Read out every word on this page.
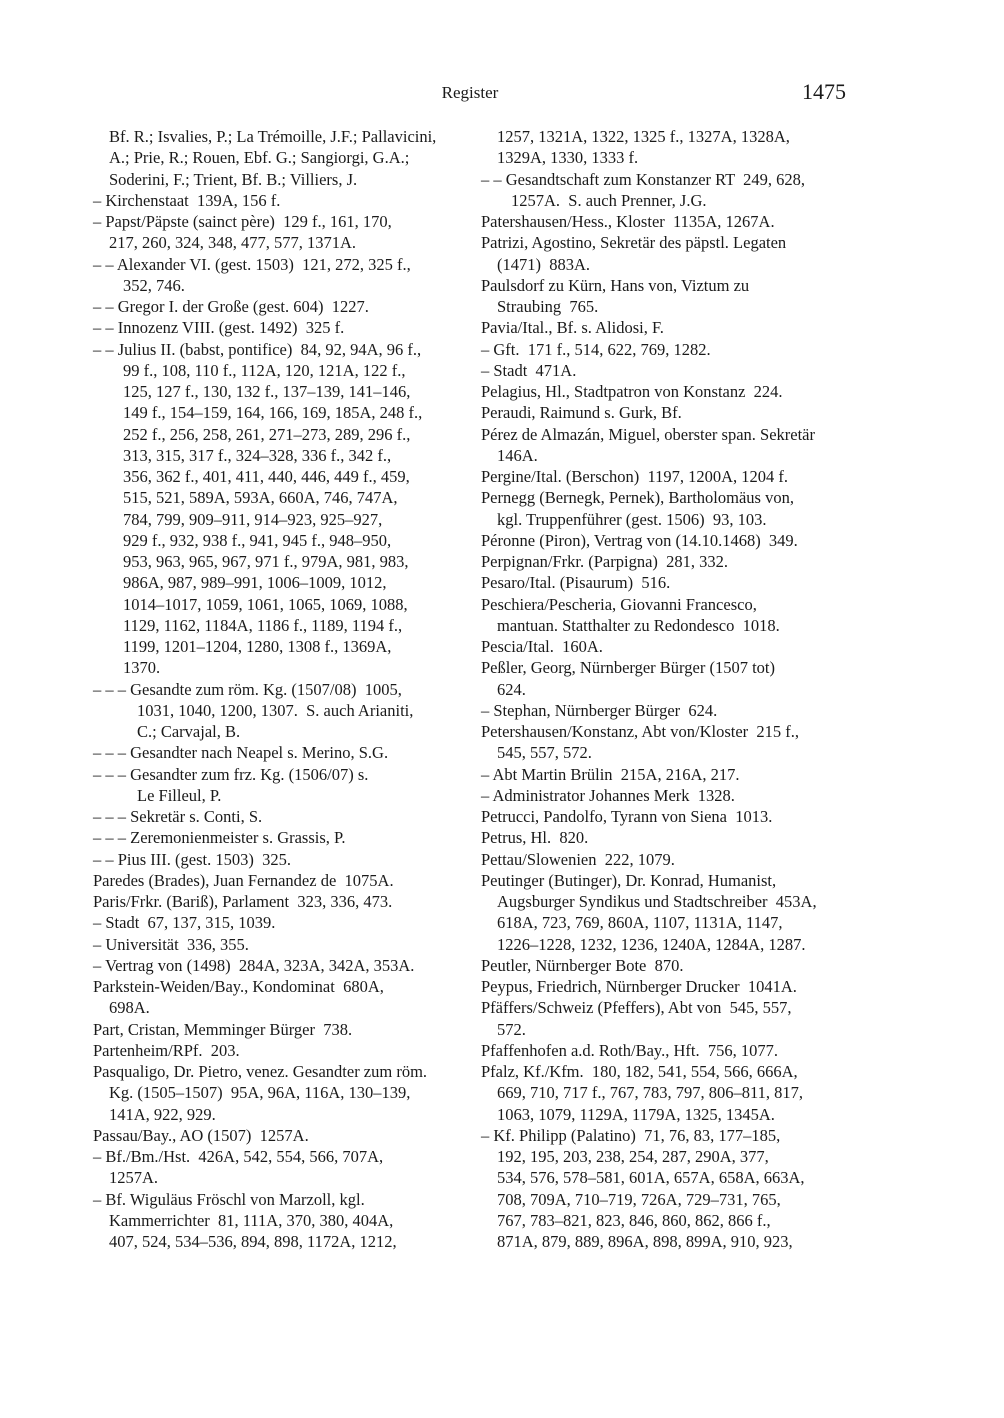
Register	1475
Bf. R.; Isvalies, P.; La Trémoille, J.F.; Pallavicini,
A.; Prie, R.; Rouen, Ebf. G.; Sangiorgi, G.A.;
Soderini, F.; Trient, Bf. B.; Villiers, J.
– Kirchenstaat  139A, 156 f.
– Papst/Päpste (sainct père)  129 f., 161, 170,
217, 260, 324, 348, 477, 577, 1371A.
– – Alexander VI. (gest. 1503)  121, 272, 325 f.,
352, 746.
– – Gregor I. der Große (gest. 604)  1227.
– – Innozenz VIII. (gest. 1492)  325 f.
– – Julius II. (babst, pontifice)  84, 92, 94A, 96 f.,
99 f., 108, 110 f., 112A, 120, 121A, 122 f.,
125, 127 f., 130, 132 f., 137–139, 141–146,
149 f., 154–159, 164, 166, 169, 185A, 248 f.,
252 f., 256, 258, 261, 271–273, 289, 296 f.,
313, 315, 317 f., 324–328, 336 f., 342 f.,
356, 362 f., 401, 411, 440, 446, 449 f., 459,
515, 521, 589A, 593A, 660A, 746, 747A,
784, 799, 909–911, 914–923, 925–927,
929 f., 932, 938 f., 941, 945 f., 948–950,
953, 963, 965, 967, 971 f., 979A, 981, 983,
986A, 987, 989–991, 1006–1009, 1012,
1014–1017, 1059, 1061, 1065, 1069, 1088,
1129, 1162, 1184A, 1186 f., 1189, 1194 f.,
1199, 1201–1204, 1280, 1308 f., 1369A,
1370.
– – – Gesandte zum röm. Kg. (1507/08)  1005,
1031, 1040, 1200, 1307.  S. auch Arianiti,
C.; Carvajal, B.
– – – Gesandter nach Neapel s. Merino, S.G.
– – – Gesandter zum frz. Kg. (1506/07) s.
Le Filleul, P.
– – – Sekretär s. Conti, S.
– – – Zeremonienmeister s. Grassis, P.
– – Pius III. (gest. 1503)  325.
Paredes (Brades), Juan Fernandez de  1075A.
Paris/Frkr. (Bariß), Parlament  323, 336, 473.
– Stadt  67, 137, 315, 1039.
– Universität  336, 355.
– Vertrag von (1498)  284A, 323A, 342A, 353A.
Parkstein-Weiden/Bay., Kondominat  680A,
698A.
Part, Cristan, Memminger Bürger  738.
Partenheim/RPf.  203.
Pasqualigo, Dr. Pietro, venez. Gesandter zum röm.
Kg. (1505–1507)  95A, 96A, 116A, 130–139,
141A, 922, 929.
Passau/Bay., AO (1507)  1257A.
– Bf./Bm./Hst.  426A, 542, 554, 566, 707A,
1257A.
– Bf. Wiguläus Fröschl von Marzoll, kgl.
Kammerrichter  81, 111A, 370, 380, 404A,
407, 524, 534–536, 894, 898, 1172A, 1212,
1257, 1321A, 1322, 1325 f., 1327A, 1328A,
1329A, 1330, 1333 f.
– – Gesandtschaft zum Konstanzer RT  249, 628,
1257A.  S. auch Prenner, J.G.
Patershausen/Hess., Kloster  1135A, 1267A.
Patrizi, Agostino, Sekretär des päpstl. Legaten
(1471)  883A.
Paulsdorf zu Kürn, Hans von, Viztum zu
Straubing  765.
Pavia/Ital., Bf. s. Alidosi, F.
– Gft.  171 f., 514, 622, 769, 1282.
– Stadt  471A.
Pelagius, Hl., Stadtpatron von Konstanz  224.
Peraudi, Raimund s. Gurk, Bf.
Pérez de Almazán, Miguel, oberster span. Sekretär
146A.
Pergine/Ital. (Berschon)  1197, 1200A, 1204 f.
Pernegg (Bernegk, Pernek), Bartholomäus von,
kgl. Truppenführer (gest. 1506)  93, 103.
Péronne (Piron), Vertrag von (14.10.1468)  349.
Perpignan/Frkr. (Parpigna)  281, 332.
Pesaro/Ital. (Pisaurum)  516.
Peschiera/Pescheria, Giovanni Francesco,
mantuan. Statthalter zu Redondesco  1018.
Pescia/Ital.  160A.
Peßler, Georg, Nürnberger Bürger (1507 tot)
624.
– Stephan, Nürnberger Bürger  624.
Petershausen/Konstanz, Abt von/Kloster  215 f.,
545, 557, 572.
– Abt Martin Brülin  215A, 216A, 217.
– Administrator Johannes Merk  1328.
Petrucci, Pandolfo, Tyrann von Siena  1013.
Petrus, Hl.  820.
Pettau/Slowenien  222, 1079.
Peutinger (Butinger), Dr. Konrad, Humanist,
Augsburger Syndikus und Stadtschreiber  453A,
618A, 723, 769, 860A, 1107, 1131A, 1147,
1226–1228, 1232, 1236, 1240A, 1284A, 1287.
Peutler, Nürnberger Bote  870.
Peypus, Friedrich, Nürnberger Drucker  1041A.
Pfäffers/Schweiz (Pfeffers), Abt von  545, 557,
572.
Pfaffenhofen a.d. Roth/Bay., Hft.  756, 1077.
Pfalz, Kf./Kfm.  180, 182, 541, 554, 566, 666A,
669, 710, 717 f., 767, 783, 797, 806–811, 817,
1063, 1079, 1129A, 1179A, 1325, 1345A.
– Kf. Philipp (Palatino)  71, 76, 83, 177–185,
192, 195, 203, 238, 254, 287, 290A, 377,
534, 576, 578–581, 601A, 657A, 658A, 663A,
708, 709A, 710–719, 726A, 729–731, 765,
767, 783–821, 823, 846, 860, 862, 866 f.,
871A, 879, 889, 896A, 898, 899A, 910, 923,
